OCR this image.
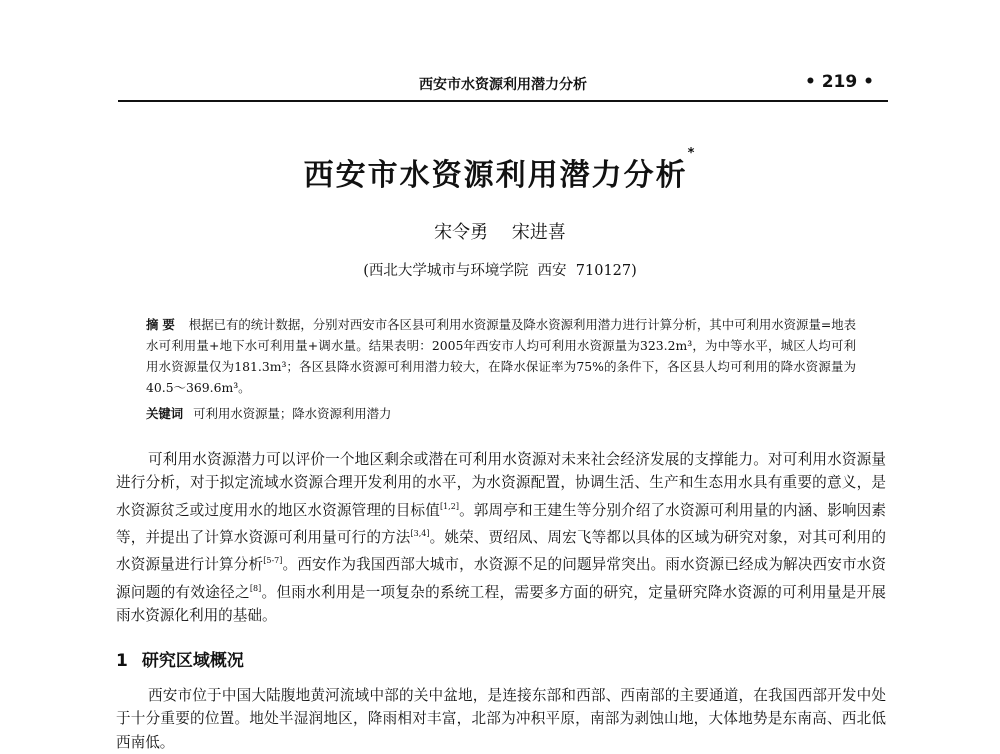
西安市水资源利用潜力分析	• 219 •
西安市水资源利用潜力分析*
宋令勇 宋进喜
(西北大学城市与环境学院  西安  710127)
摘要 根据已有的统计数据，分别对西安市各区县可利用水资源量及降水资源利用潜力进行计算分析，其中可利用水资源量=地表水可利用量+地下水可利用量+调水量。结果表明：2005年西安市人均可利用水资源量为323.2m³，为中等水平，城区人均可利用水资源量仅为181.3m³；各区县降水资源可利用潜力较大，在降水保证率为75%的条件下，各区县人均可利用的降水资源量为40.5～369.6m³。
关键词 可利用水资源量；降水资源利用潜力
可利用水资源潜力可以评价一个地区剩余或潜在可利用水资源对未来社会经济发展的支撑能力。对可利用水资源量进行分析，对于拟定流域水资源合理开发利用的水平，为水资源配置，协调生活、生产和生态用水具有重要的意义，是水资源贫乏或过度用水的地区水资源管理的目标值[1,2]。郭周亭和王建生等分别介绍了水资源可利用量的内涵、影响因素等，并提出了计算水资源可利用量可行的方法[3,4]。姚荣、贾绍凤、周宏飞等都以具体的区域为研究对象，对其可利用的水资源量进行计算分析[5-7]。西安作为我国西部大城市，水资源不足的问题异常突出。雨水资源已经成为解决西安市水资源问题的有效途径之[8]。但雨水利用是一项复杂的系统工程，需要多方面的研究，定量研究降水资源的可利用量是开展雨水资源化利用的基础。
1 研究区域概况
西安市位于中国大陆腹地黄河流域中部的关中盆地，是连接东部和西部、西南部的主要通道，在我国西部开发中处于十分重要的位置。地处半湿润地区，降雨相对丰富，北部为冲积平原，南部为剥蚀山地，大体地势是东南高、西北低西南低。
